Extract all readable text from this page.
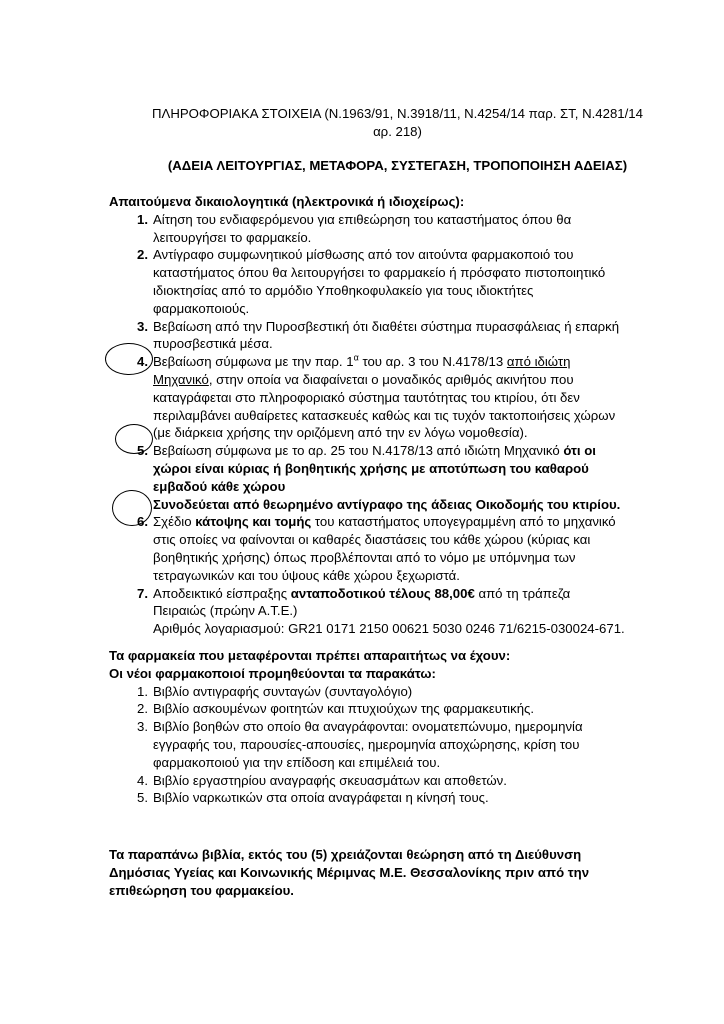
ΠΛΗΡΟΦΟΡΙΑΚΑ ΣΤΟΙΧΕΙΑ (Ν.1963/91, Ν.3918/11, Ν.4254/14 παρ. ΣΤ, Ν.4281/14
αρ. 218)
(ΑΔΕΙΑ ΛΕΙΤΟΥΡΓΙΑΣ, ΜΕΤΑΦΟΡΑ, ΣΥΣΤΕΓΑΣΗ, ΤΡΟΠΟΠΟΙΗΣΗ ΑΔΕΙΑΣ)
Απαιτούμενα δικαιολογητικά (ηλεκτρονικά ή ιδιοχείρως):
1. Αίτηση του ενδιαφερόμενου για επιθεώρηση του καταστήματος όπου θα
λειτουργήσει το φαρμακείο.
2. Αντίγραφο συμφωνητικού μίσθωσης από τον αιτούντα φαρμακοποιό του
καταστήματος όπου θα λειτουργήσει το φαρμακείο ή πρόσφατο πιστοποιητικό
ιδιοκτησίας από το αρμόδιο Υποθηκοφυλακείο για τους ιδιοκτήτες
φαρμακοποιούς.
3. Βεβαίωση από την Πυροσβεστική ότι διαθέτει σύστημα πυρασφάλειας ή επαρκή
πυροσβεστικά μέσα.
4. Βεβαίωση σύμφωνα με την παρ. $1^\alpha$ του αρ. 3 του Ν.4178/13 από ιδιώτη
Μηχανικό, στην οποία να διαφαίνεται ο μοναδικός αριθμός ακινήτου που
καταγράφεται στο πληροφοριακό σύστημα ταυτότητας του κτιρίου, ότι δεν
περιλαμβάνει αυθαίρετες κατασκευές καθώς και τις τυχόν τακτοποιήσεις χώρων
(με διάρκεια χρήσης την οριζόμενη από την εν λόγω νομοθεσία).
5. Βεβαίωση σύμφωνα με το αρ. 25 του Ν.4178/13 από ιδιώτη Μηχανικό ότι οι
χώροι είναι κύριας ή βοηθητικής χρήσης με αποτύπωση του καθαρού
εμβαδού κάθε χώρου
Συνοδεύεται από θεωρημένο αντίγραφο της άδειας Οικοδομής του κτιρίου.
6. Σχέδιο κάτοψης και τομής του καταστήματος υπογεγραμμένη από το μηχανικό
στις οποίες να φαίνονται οι καθαρές διαστάσεις του κάθε χώρου (κύριας και
βοηθητικής χρήσης) όπως προβλέπονται από το νόμο με υπόμνημα των
τετραγωνικών και του ύψους κάθε χώρου ξεχωριστά.
7. Αποδεικτικό είσπραξης ανταποδοτικού τέλους 88,00€ από τη τράπεζα
Πειραιώς (πρώην Α.Τ.Ε.)
Αριθμός λογαριασμού: GR21 0171 2150 00621 5030 0246 71/6215-030024-671.
Τα φαρμακεία που μεταφέρονται πρέπει απαραιτήτως να έχουν:
Οι νέοι φαρμακοποιοί προμηθεύονται τα παρακάτω:
1. Βιβλίο αντιγραφής συνταγών (συνταγολόγιο)
2. Βιβλίο ασκουμένων φοιτητών και πτυχιούχων της φαρμακευτικής.
3. Βιβλίο βοηθών στο οποίο θα αναγράφονται: ονοματεπώνυμο, ημερομηνία
εγγραφής του, παρουσίες-απουσίες, ημερομηνία αποχώρησης, κρίση του
φαρμακοποιού για την επίδοση και επιμέλειά του.
4. Βιβλίο εργαστηρίου αναγραφής σκευασμάτων και αποθετών.
5. Βιβλίο ναρκωτικών στα οποία αναγράφεται η κίνησή τους.
Τα παραπάνω βιβλία, εκτός του (5) χρειάζονται θεώρηση από τη Διεύθυνση
Δημόσιας Υγείας και Κοινωνικής Μέριμνας Μ.Ε. Θεσσαλονίκης πριν από την
επιθεώρηση του φαρμακείου.
